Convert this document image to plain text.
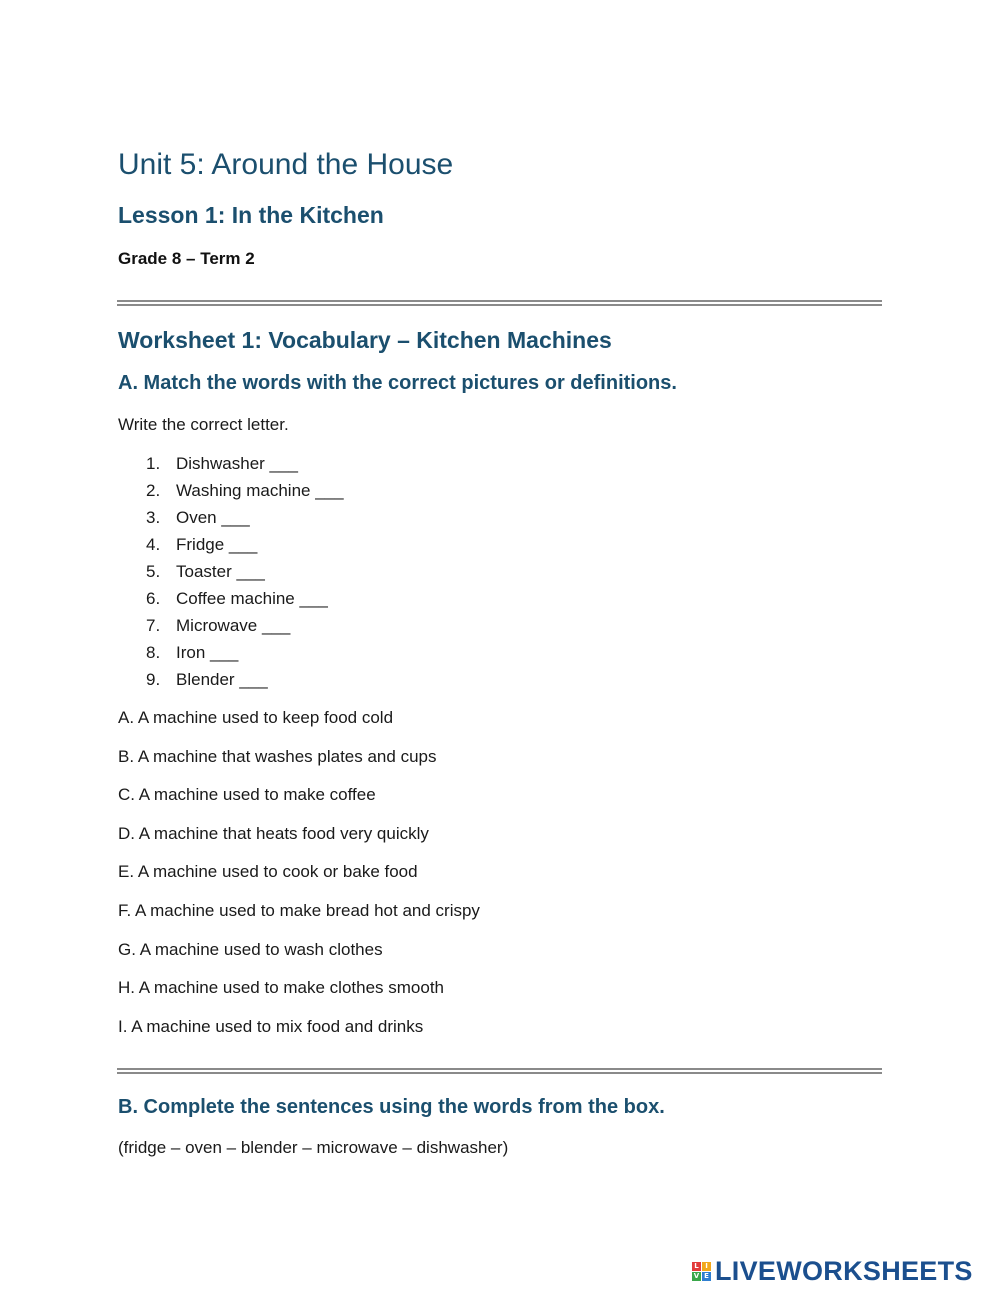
Unit 5: Around the House
Lesson 1: In the Kitchen
Grade 8 – Term 2
Worksheet 1: Vocabulary – Kitchen Machines
A. Match the words with the correct pictures or definitions.

Write the correct letter.

1. Dishwasher ___
2. Washing machine ___
3. Oven ___
4. Fridge ___
5. Toaster ___
6. Coffee machine ___
7. Microwave ___
8. Iron ___
9. Blender ___

A. A machine used to keep food cold

B. A machine that washes plates and cups

C. A machine used to make coffee

D. A machine that heats food very quickly

E. A machine used to cook or bake food

F. A machine used to make bread hot and crispy

G. A machine used to wash clothes

H. A machine used to make clothes smooth

I. A machine used to mix food and drinks

B. Complete the sentences using the words from the box.

(fridge – oven – blender – microwave – dishwasher)

L I
V E LIVEWORKSHEETS
